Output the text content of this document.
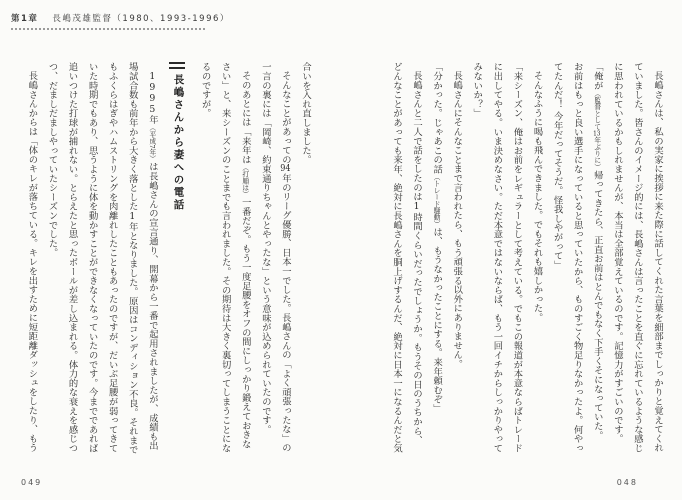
第1章 長嶋茂雄監督（1980、1993-1996）
長嶋さんは、私の実家に挨拶に来た際に話してくれた言葉を細部までしっかりと覚えてくれ
ていました。皆さんのイメージ的には、長嶋さんは言ったことを直ぐに忘れているような感じ
に思われているかもしれませんが、本当は全部覚えているのです。記憶力がすごいのです。
「俺が（監督として13年ぶりに）帰ってきたら、正直お前はとんでもなく下手くそになっていた。
お前はもっと良い選手になっていると思っていたから、ものすごく物足りなかったよ。何やっ
てたんだ！ 今年だってそうだ。怪我しやがって」
そんなふうに喝も飛んできました。でもそれも嬉しかった。
「来シーズン、俺はお前をレギュラーとして考えている。でもこの報道が本意ならばトレード
に出してやる。いま決めなさい。ただ本意ではないならば、もう一回イチからしっかりやって
みないか？」
長嶋さんにそんなことまで言われたら、もう頑張る以外にありません。
「分かった。じゃあこの話（トレード騒動）は、もうなかったことにする。来年頼むぞ」
長嶋さんと二人で話をしたのは1時間くらいだったでしょうか。もうその日のうちから、
どんなことがあっても来年、絶対に長嶋さんを胴上げするんだ、絶対に日本一になるんだと気
合いを入れ直しました。
そんなことがあっての94年のリーグ優勝、日本一でした。長嶋さんの「よく頑張ったな」の
一言の裏には「岡崎、約束通りちゃんとやったな」という意味が込められていたのです。
そのあとには「来年は（打順は）一番だぞ。もう一度足腰をオフの間にしっかり鍛えておきな
さい」と、来シーズンのことまでも言われました。その期待は大きく裏切ってしまうことにな
るのですが。
長嶋さんから妻への電話
1995年（平成7年）は長嶋さんの宣言通り、開幕から一番で起用されましたが、成績も出
場試合数も前年から大きく落とした1年となりました。原因はコンディション不良。それまで
もふくらはぎやハムストリングを肉離れしたこともあったのですが、だいぶ足腰が弱ってきて
いた時期でもあり、思うように体を動かすことができなくなっていたのです。今までであれば
追いつけた打球が捕れない。とらえたと思ったボールが差し込まれる。体力的な衰えを感じつ
つ、だましだましやっていたシーズンでした。
長嶋さんからは「体のキレが落ちている。キレを出すために短距離ダッシュをしたり、もう
048
049
